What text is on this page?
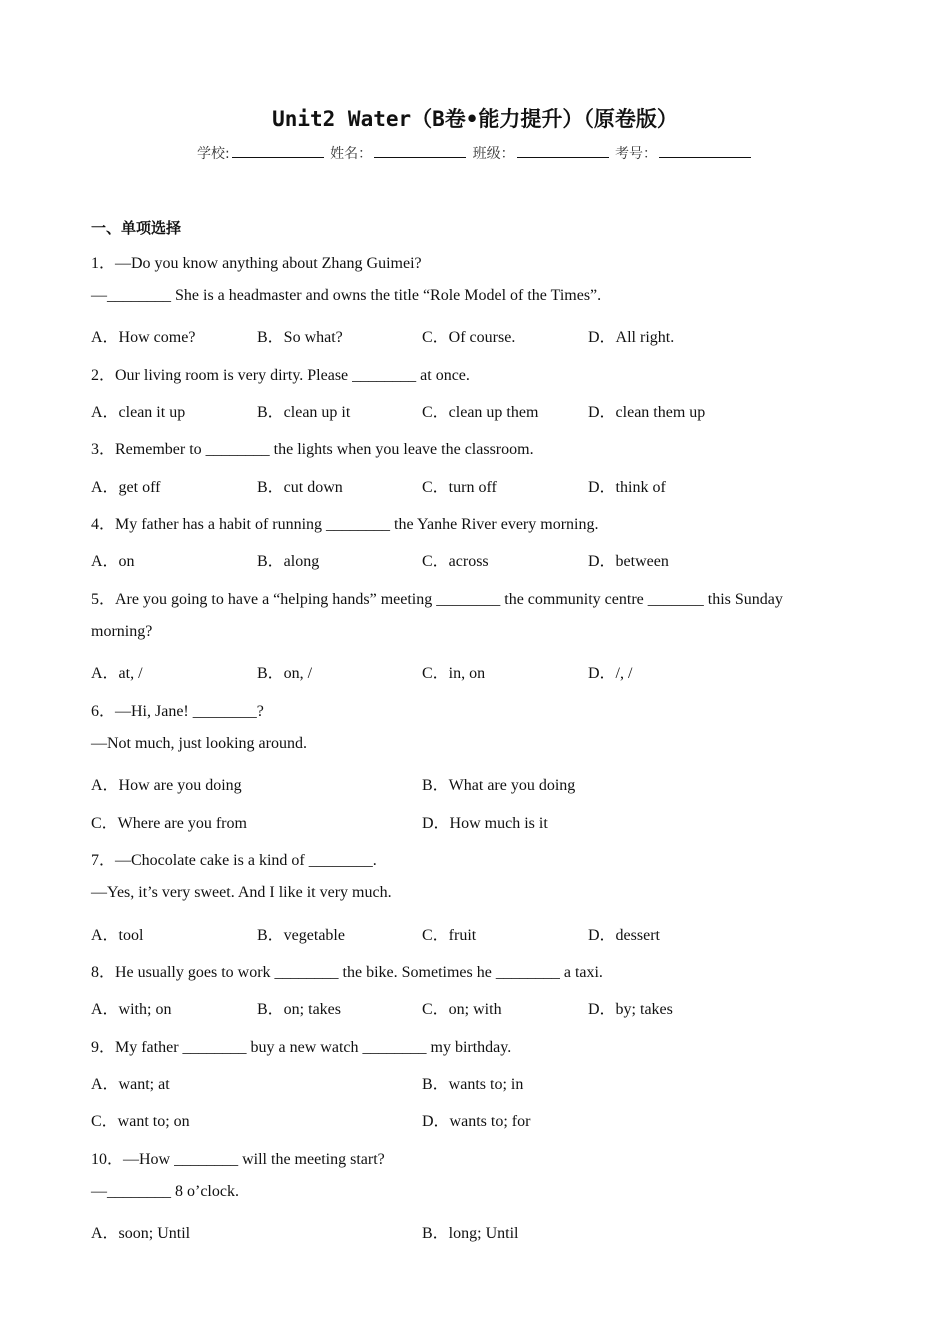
Unit2 Water（B卷•能力提升）（原卷版）
学校:	姓名：	班级：	考号：
一、单项选择
1．—Do you know anything about Zhang Guimei?
—________ She is a headmaster and owns the title “Role Model of the Times”.
A．How come?	B．So what?	C．Of course.	D．All right.
2．Our living room is very dirty. Please ________ at once.
A．clean it up	B．clean up it	C．clean up them	D．clean them up
3．Remember to ________ the lights when you leave the classroom.
A．get off	B．cut down	C．turn off	D．think of
4．My father has a habit of running ________ the Yanhe River every morning.
A．on	B．along	C．across	D．between
5．Are you going to have a “helping hands” meeting ________ the community centre _______ this Sunday
morning?
A．at, /	B．on, /	C．in, on	D．/, /
6．—Hi, Jane! ________?
—Not much, just looking around.
A．How are you doing	B．What are you doing
C．Where are you from	D．How much is it
7．—Chocolate cake is a kind of ________.
—Yes, it’s very sweet. And I like it very much.
A．tool	B．vegetable	C．fruit	D．dessert
8．He usually goes to work ________ the bike. Sometimes he ________ a taxi.
A．with; on	B．on; takes	C．on; with	D．by; takes
9．My father ________ buy a new watch ________ my birthday.
A．want; at	B．wants to; in
C．want to; on	D．wants to; for
10．—How ________ will the meeting start?
—________ 8 o’clock.
A．soon; Until	B．long; Until
